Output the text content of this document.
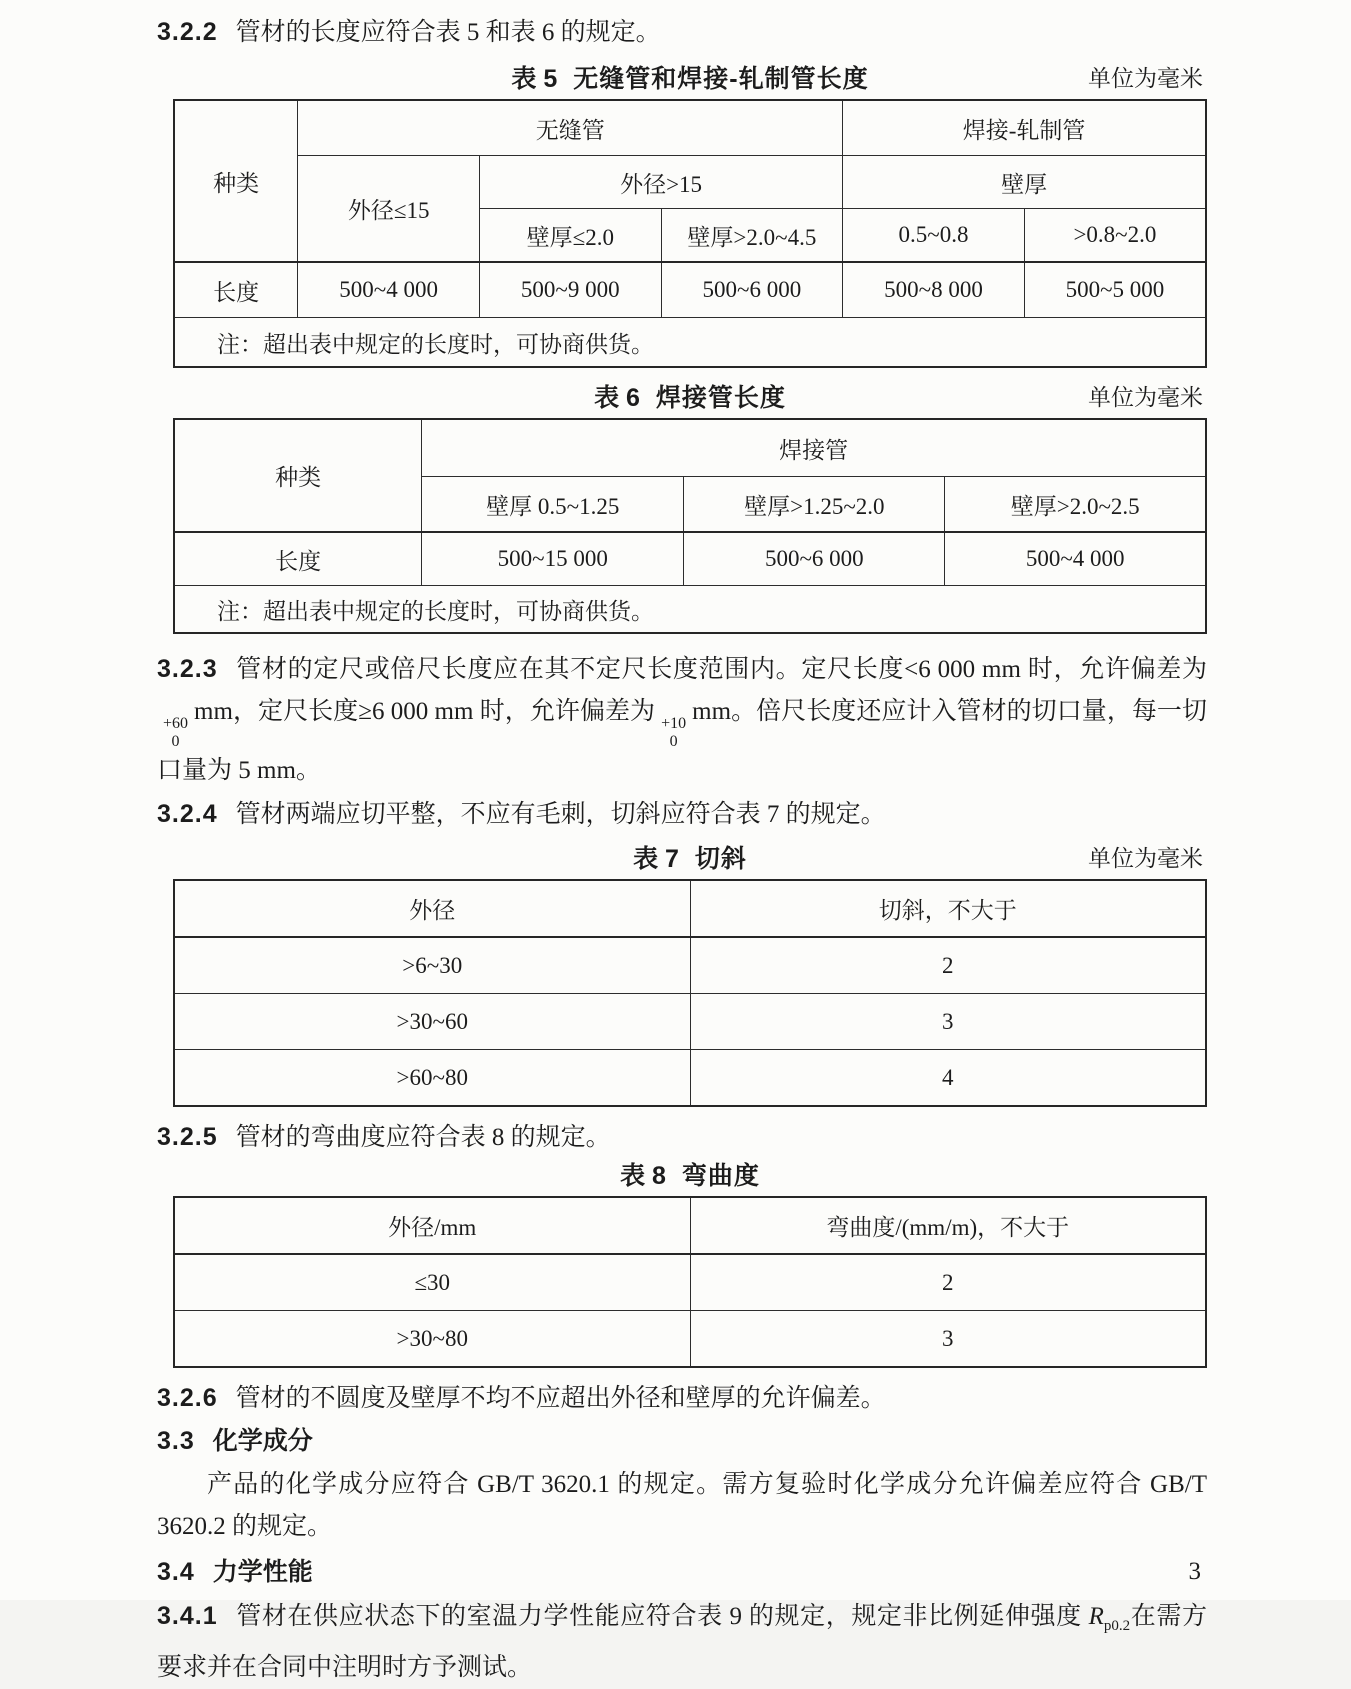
3.2.2 管材的长度应符合表 5 和表 6 的规定。

表 5 无缝管和焊接-轧制管长度	单位为毫米
种类	无缝管			焊接-轧制管	
	外径≤15	外径>15		壁厚	
		壁厚≤2.0	壁厚>2.0~4.5	0.5~0.8	>0.8~2.0
长度	500~4 000	500~9 000	500~6 000	500~8 000	500~5 000
注：超出表中规定的长度时，可协商供货。					
表 6 焊接管长度	单位为毫米
种类	焊接管		
	壁厚 0.5~1.25	壁厚>1.25~2.0	壁厚>2.0~2.5
长度	500~15 000	500~6 000	500~4 000
注：超出表中规定的长度时，可协商供货。			

3.2.3 管材的定尺或倍尺长度应在其不定尺长度范围内。定尺长度<6 000 mm 时，允许偏差为
+60
0
mm，定尺长度≥6 000 mm 时，允许偏差为 +10
0
mm。倍尺长度还应计入管材的切口量，每一切口量为 5 mm。

3.2.4 管材两端应切平整，不应有毛刺，切斜应符合表 7 的规定。

表 7 切斜	单位为毫米
外径	切斜，不大于
>6~30	2
>30~60	3
>60~80	4

3.2.5 管材的弯曲度应符合表 8 的规定。

表 8 弯曲度
外径/mm	弯曲度/(mm/m)，不大于
≤30	2
>30~80	3

3.2.6 管材的不圆度及壁厚不均不应超出外径和壁厚的允许偏差。

3.3 化学成分

产品的化学成分应符合 GB/T 3620.1 的规定。需方复验时化学成分允许偏差应符合 GB/T 3620.2 的规定。

3.4 力学性能

3.4.1 管材在供应状态下的室温力学性能应符合表 9 的规定，规定非比例延伸强度 $R_{p0.2}$在需方要求并在合同中注明时方予测试。

3
